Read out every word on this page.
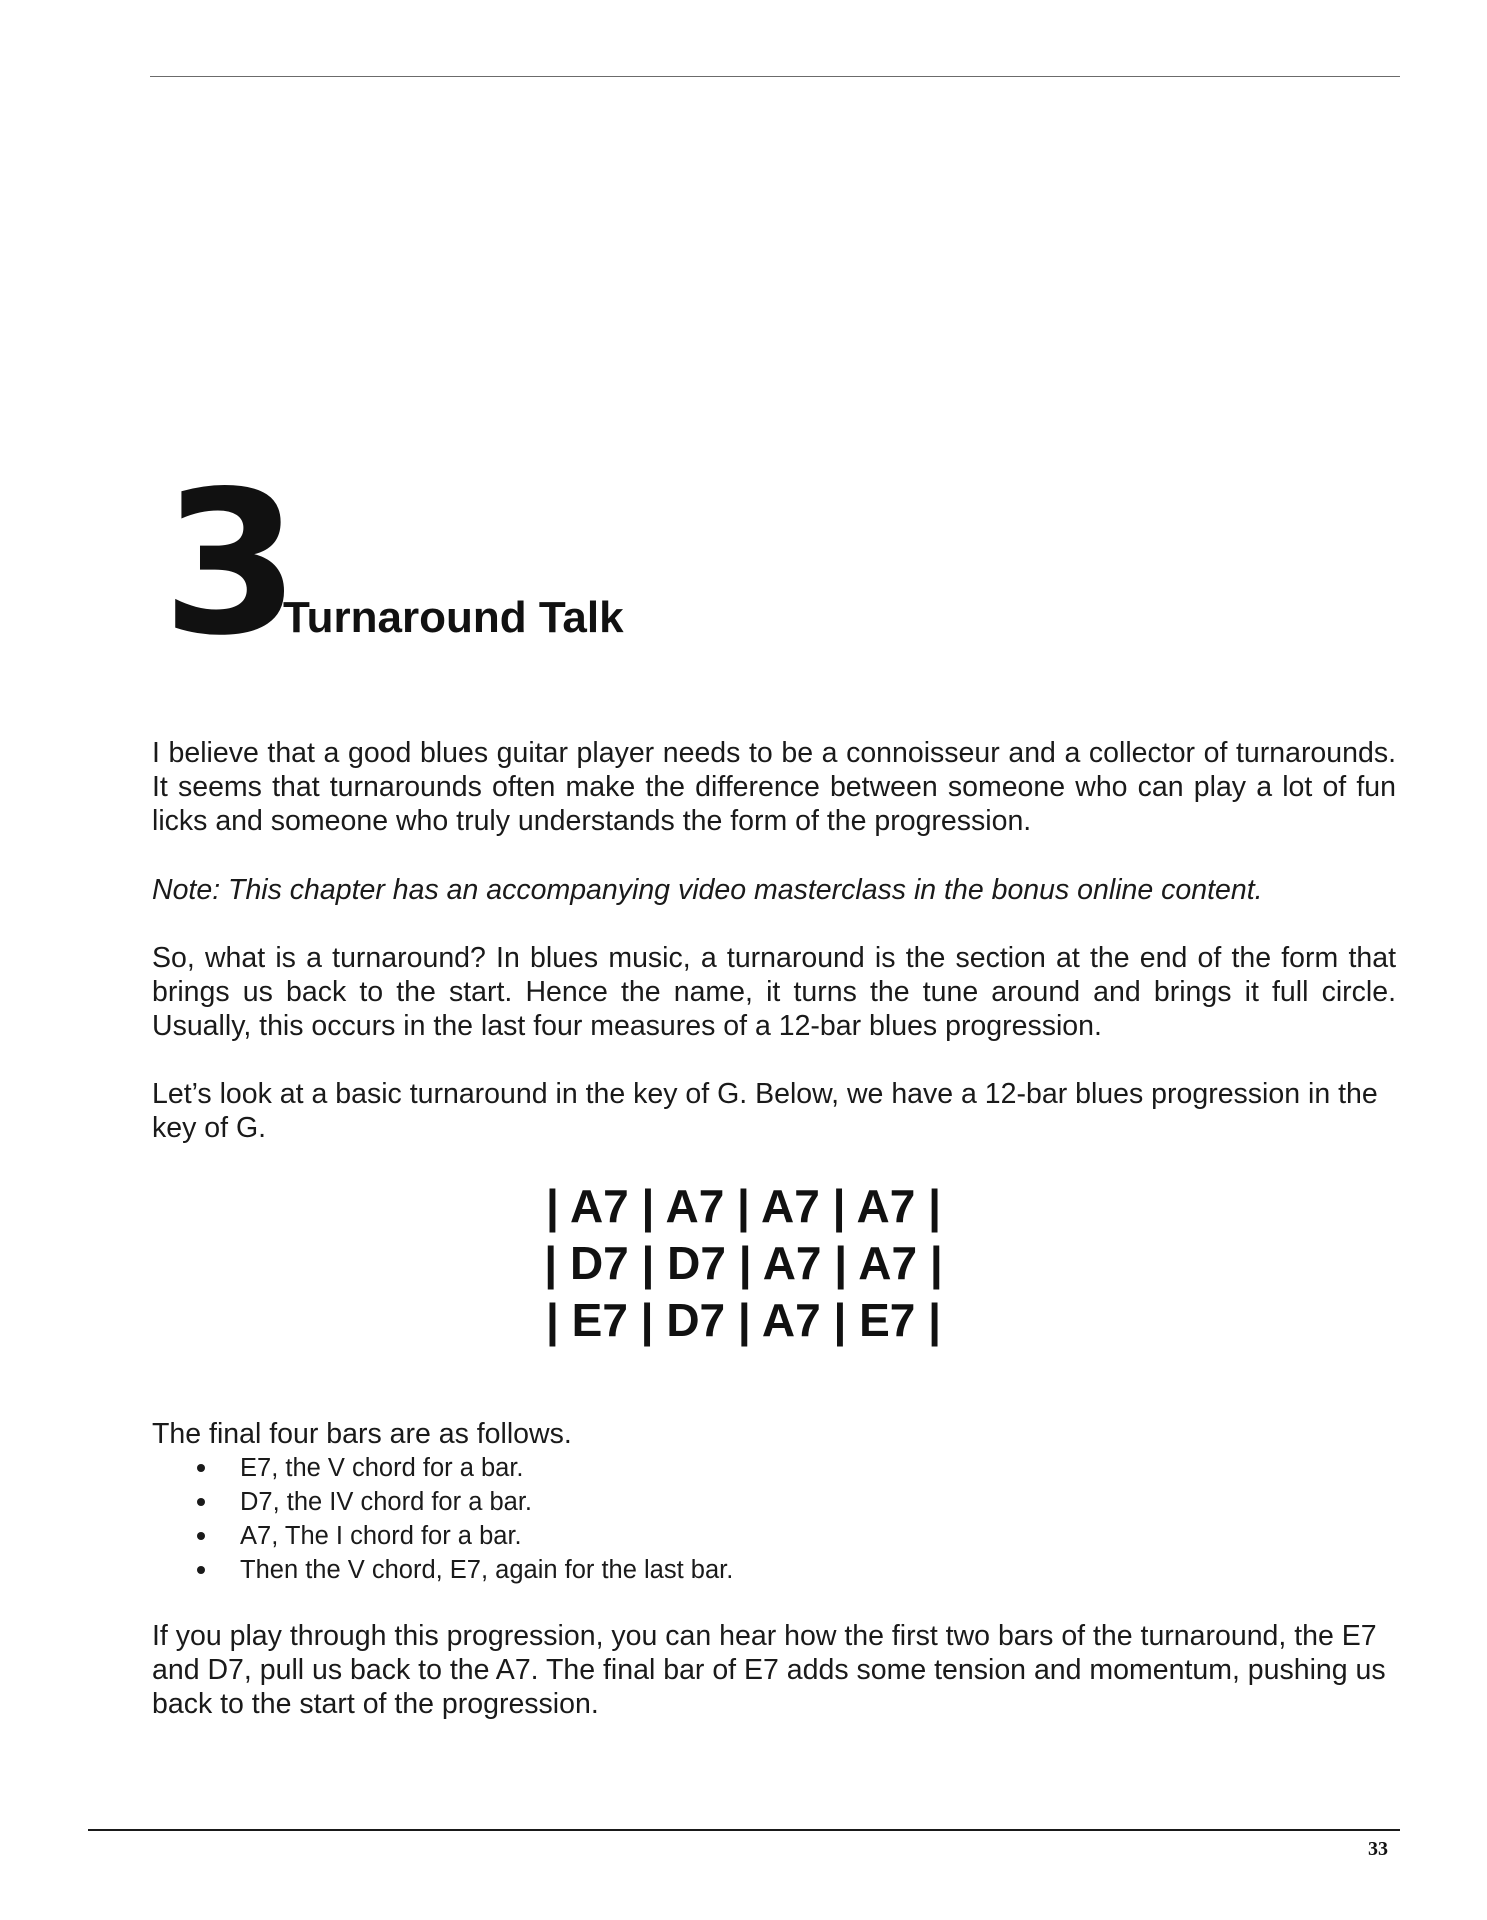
3
Turnaround Talk

I believe that a good blues guitar player needs to be a connoisseur and a collector of turnarounds. It seems that turnarounds often make the difference between someone who can play a lot of fun licks and someone who truly understands the form of the progression.

Note: This chapter has an accompanying video masterclass in the bonus online content.

So, what is a turnaround? In blues music, a turnaround is the section at the end of the form that brings us back to the start. Hence the name, it turns the tune around and brings it full circle. Usually, this occurs in the last four measures of a 12-bar blues progression.

Let’s look at a basic turnaround in the key of G. Below, we have a 12-bar blues progression in the key of G.

| A7 | A7 | A7 | A7 |
| D7 | D7 | A7 | A7 |
| E7 | D7 | A7 | E7 |

The final four bars are as follows.

E7, the V chord for a bar.
D7, the IV chord for a bar.
A7, The I chord for a bar.
Then the V chord, E7, again for the last bar.

If you play through this progression, you can hear how the first two bars of the turnaround, the E7 and D7, pull us back to the A7. The final bar of E7 adds some tension and momentum, pushing us back to the start of the progression.

33
